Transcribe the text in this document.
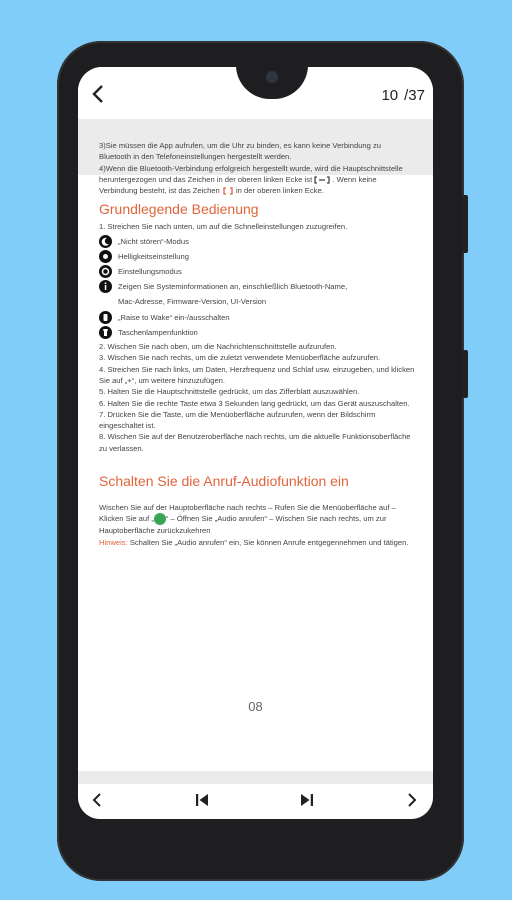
10 /37

3)Sie müssen die App aufrufen, um die Uhr zu binden, es kann keine Verbindung zu Bluetooth in den Telefoneinstellungen hergestellt werden.

4)Wenn die Bluetooth-Verbindung erfolgreich hergestellt wurde, wird die Hauptschnittstelle heruntergezogen und das Zeichen in der oberen linken Ecke ist	. Wenn keine Verbindung besteht, ist das Zeichen in der oberen linken Ecke.

Grundlegende Bedienung

1. Streichen Sie nach unten, um auf die Schnelleinstellungen zuzugreifen.

„Nicht stören“-Modus
Helligkeitseinstellung
Einstellungsmodus
Zeigen Sie Systeminformationen an, einschließlich Bluetooth-Name,

Mac-Adresse, Firmware-Version, UI-Version

„Raise to Wake“ ein-/ausschalten
Taschenlampenfunktion

2. Wischen Sie nach oben, um die Nachrichtenschnittstelle aufzurufen.

3. Wischen Sie nach rechts, um die zuletzt verwendete Menüoberfläche aufzurufen.

4. Streichen Sie nach links, um Daten, Herzfrequenz und Schlaf usw. einzugeben, und klicken Sie auf „+“, um weitere hinzuzufügen.

5. Halten Sie die Hauptschnittstelle gedrückt, um das Zifferblatt auszuwählen.

6. Halten Sie die rechte Taste etwa 3 Sekunden lang gedrückt, um das Gerät auszuschalten.

7. Drücken Sie die Taste, um die Menüoberfläche aufzurufen, wenn der Bildschirm eingeschaltet ist.

8. Wischen Sie auf der Benutzeroberfläche nach rechts, um die aktuelle Funktionsoberfläche zu verlassen.

Schalten Sie die Anruf-Audiofunktion ein

Wischen Sie auf der Hauptoberfläche nach rechts – Rufen Sie die Menüoberfläche auf – Klicken Sie auf „ “ – Öffnen Sie „Audio anrufen“ – Wischen Sie nach rechts, um zur Hauptoberfläche zurückzukehren

Hinweis: Schalten Sie „Audio anrufen“ ein, Sie können Anrufe entgegennehmen und tätigen.

08
